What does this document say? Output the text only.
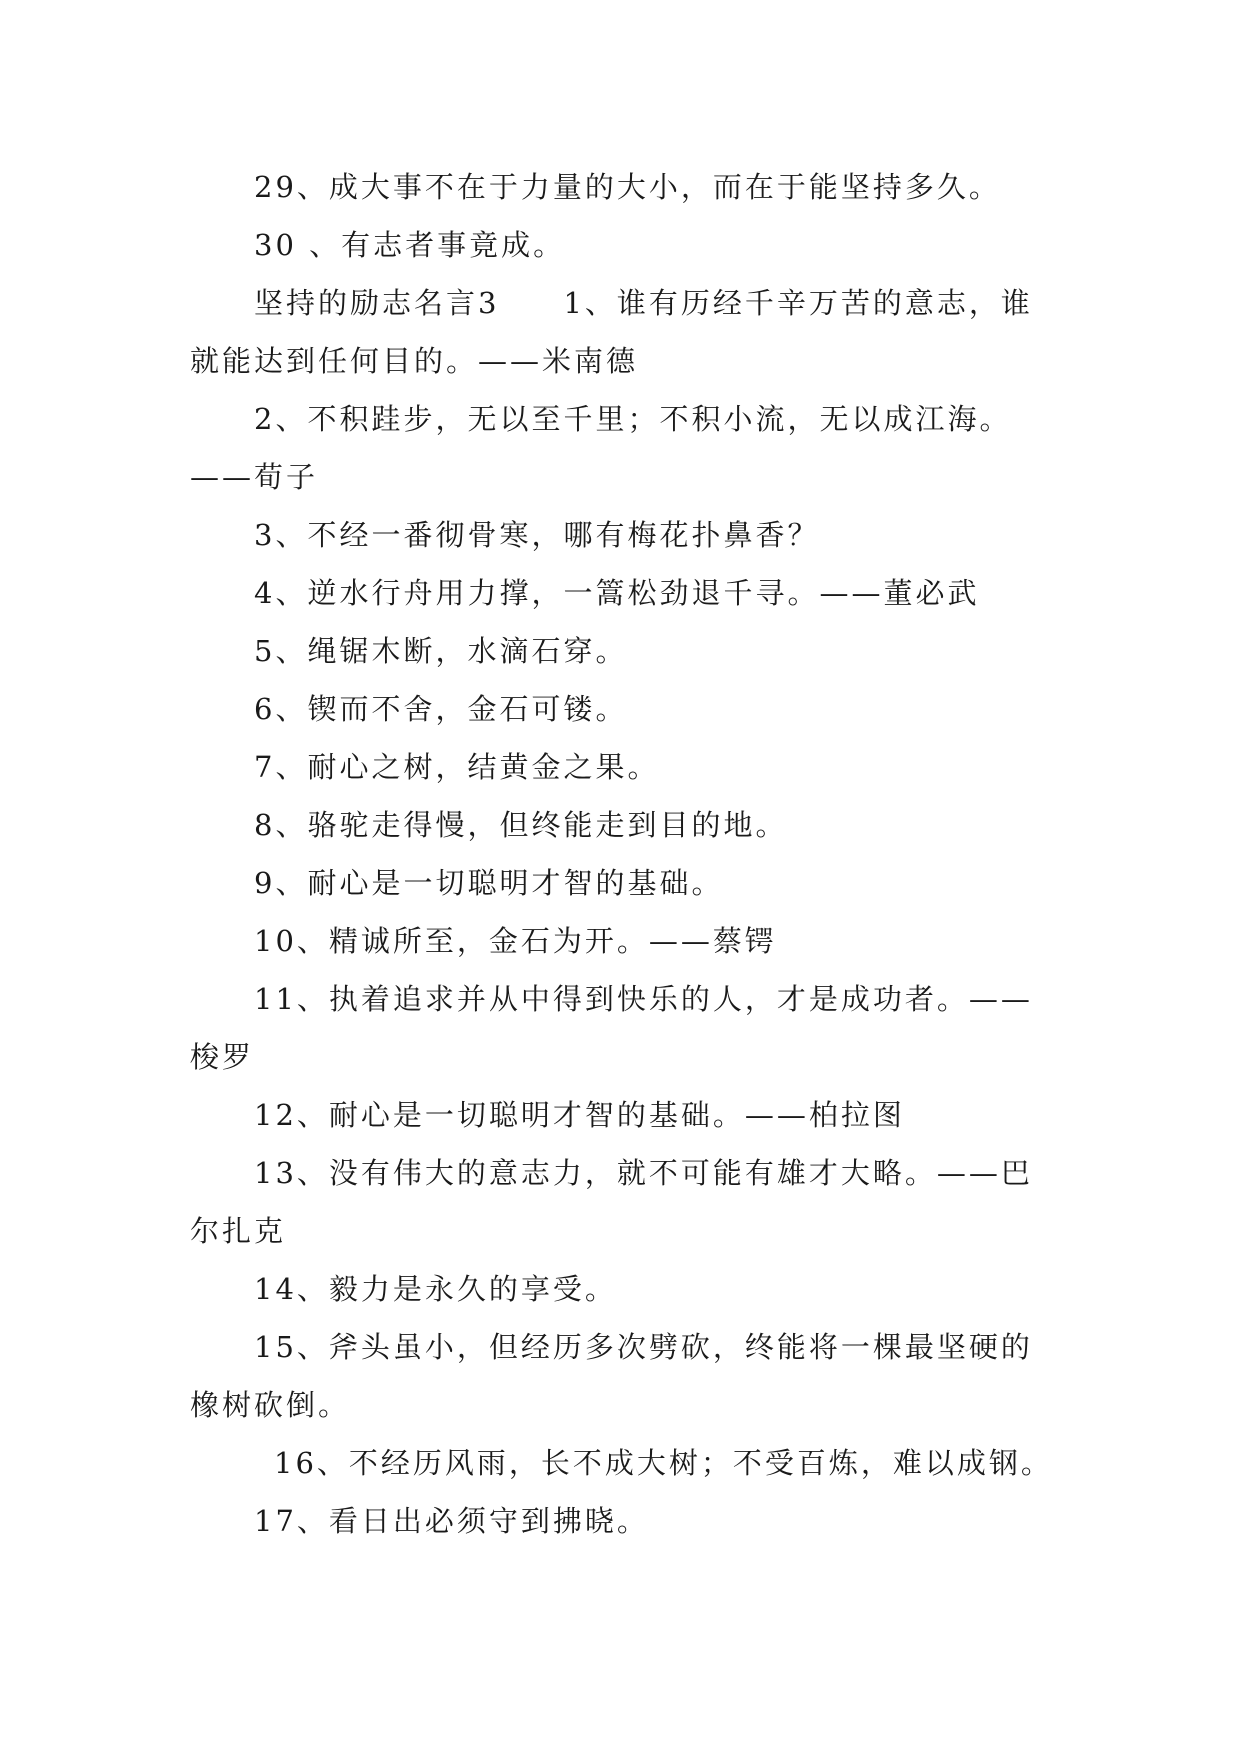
29、成大事不在于力量的大小，而在于能坚持多久。

30 、有志者事竟成。

坚持的励志名言3　　1、谁有历经千辛万苦的意志，谁就能达到任何目的。——米南德

2、不积跬步，无以至千里；不积小流，无以成江海。——荀子

3、不经一番彻骨寒，哪有梅花扑鼻香？

4、逆水行舟用力撑，一篙松劲退千寻。——董必武

5、绳锯木断，水滴石穿。

6、锲而不舍，金石可镂。

7、耐心之树，结黄金之果。

8、骆驼走得慢，但终能走到目的地。

9、耐心是一切聪明才智的基础。

10、精诚所至，金石为开。——蔡锷

11、执着追求并从中得到快乐的人，才是成功者。——梭罗

12、耐心是一切聪明才智的基础。——柏拉图

13、没有伟大的意志力，就不可能有雄才大略。——巴尔扎克

14、毅力是永久的享受。

15、斧头虽小，但经历多次劈砍，终能将一棵最坚硬的橡树砍倒。

16、不经历风雨，长不成大树；不受百炼，难以成钢。

17、看日出必须守到拂晓。
